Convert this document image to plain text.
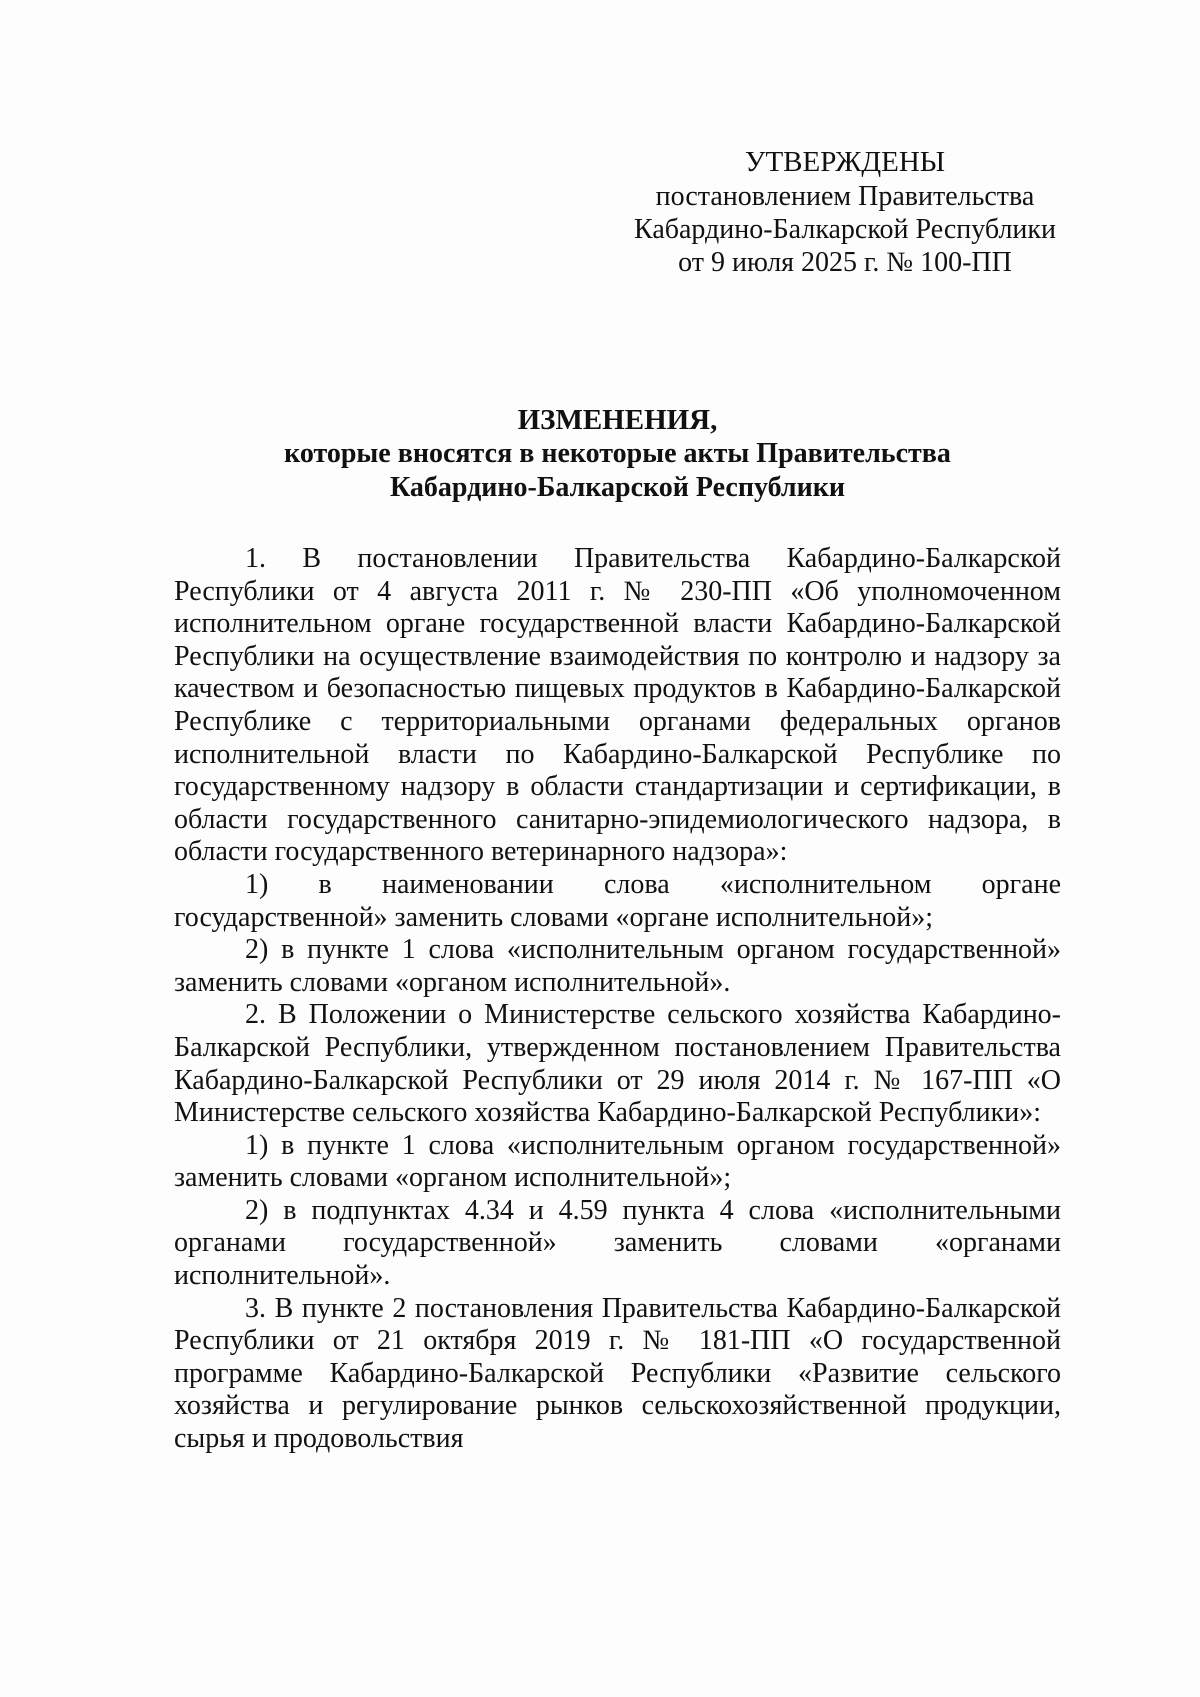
УТВЕРЖДЕНЫ
постановлением Правительства
Кабардино-Балкарской Республики
от 9 июля 2025 г. № 100-ПП
ИЗМЕНЕНИЯ,
которые вносятся в некоторые акты Правительства
Кабардино-Балкарской Республики

1. В постановлении Правительства Кабардино-Балкарской Республики от 4 августа 2011 г. № 230-ПП «Об уполномоченном исполнительном органе государственной власти Кабардино-Балкарской Республики на осуществление взаимодействия по контролю и надзору за качеством и безопасностью пищевых продуктов в Кабардино-Балкарской Республике с территориальными органами федеральных органов исполнительной власти по Кабардино-Балкарской Республике по государственному надзору в области стандартизации и сертификации, в области государственного санитарно-эпидемиологического надзора, в области государственного ветеринарного надзора»:

1) в наименовании слова «исполнительном органе государственной» заменить словами «органе исполнительной»;

2) в пункте 1 слова «исполнительным органом государственной» заменить словами «органом исполнительной».

2. В Положении о Министерстве сельского хозяйства Кабардино-Балкарской Республики, утвержденном постановлением Правительства Кабардино-Балкарской Республики от 29 июля 2014 г. № 167-ПП «О Министерстве сельского хозяйства Кабардино-Балкарской Республики»:

1) в пункте 1 слова «исполнительным органом государственной» заменить словами «органом исполнительной»;

2) в подпунктах 4.34 и 4.59 пункта 4 слова «исполнительными органами государственной» заменить словами «органами исполнительной».

3. В пункте 2 постановления Правительства Кабардино-Балкарской Республики от 21 октября 2019 г. № 181-ПП «О государственной программе Кабардино-Балкарской Республики «Развитие сельского хозяйства и регулирование рынков сельскохозяйственной продукции, сырья и продовольствия
